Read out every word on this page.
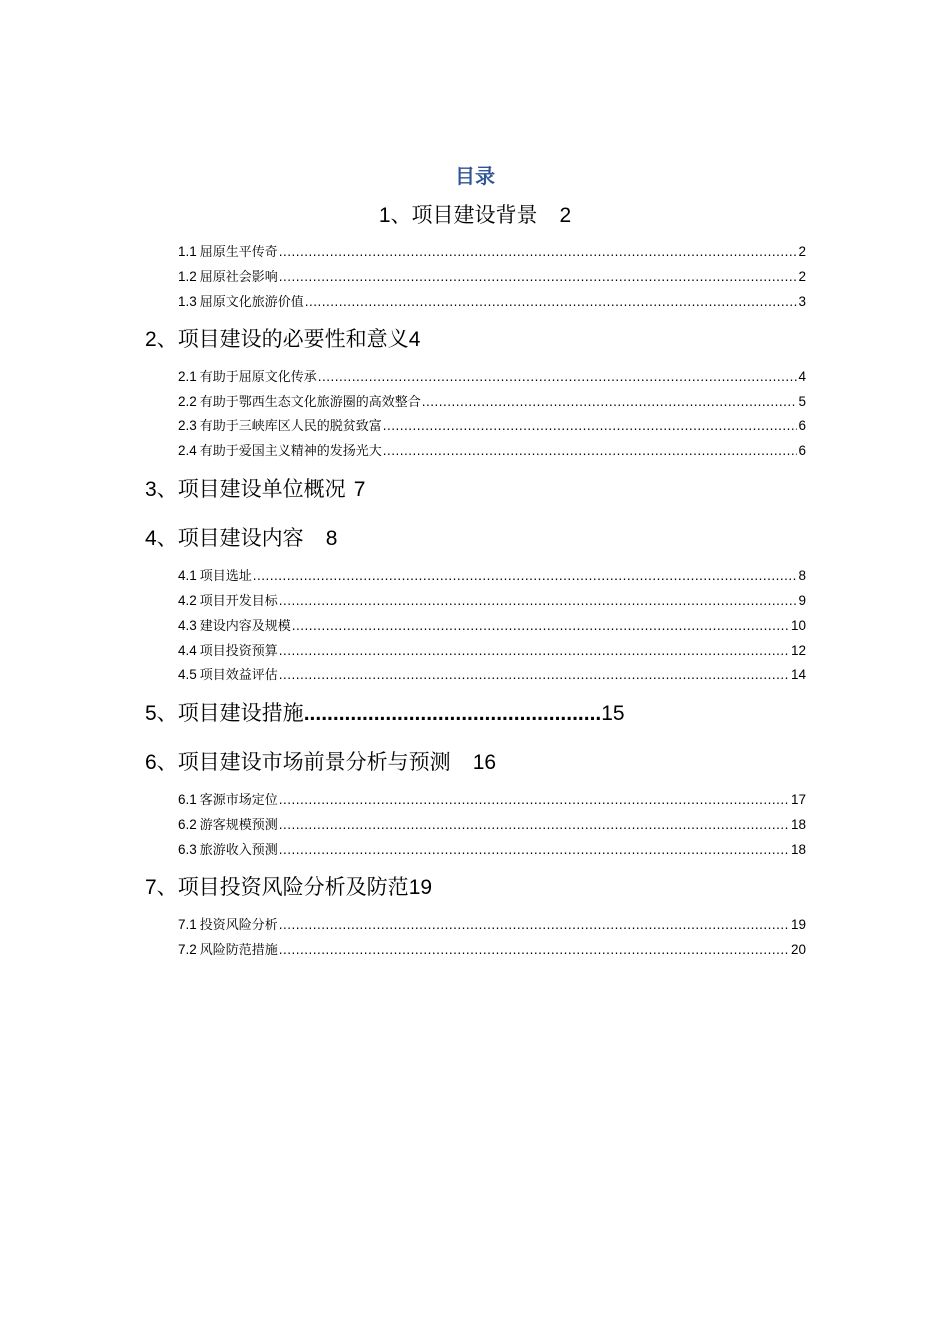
目录
1、项目建设背景 2
1.1 屈原生平传奇 .....	2
1.2 屈原社会影响 .....	2
1.3 屈原文化旅游价值 .....	3
2、项目建设的必要性和意义4
2.1 有助于屈原文化传承 .....	4
2.2 有助于鄂西生态文化旅游圈的高效整合 .....	5
2.3 有助于三峡库区人民的脱贫致富 .....	6
2.4 有助于爱国主义精神的发扬光大 .....	6
3、项目建设单位概况 7
4、项目建设内容 8
4.1 项目选址 .....	8
4.2 项目开发目标 .....	9
4.3 建设内容及规模 .....	10
4.4 项目投资预算 .....	12
4.5 项目效益评估 .....	14
5、项目建设措施...................................................15
6、项目建设市场前景分析与预测 16
6.1 客源市场定位 .....	17
6.2 游客规模预测 .....	18
6.3 旅游收入预测 .....	18
7、项目投资风险分析及防范19
7.1 投资风险分析 .....	19
7.2 风险防范措施 .....	20
